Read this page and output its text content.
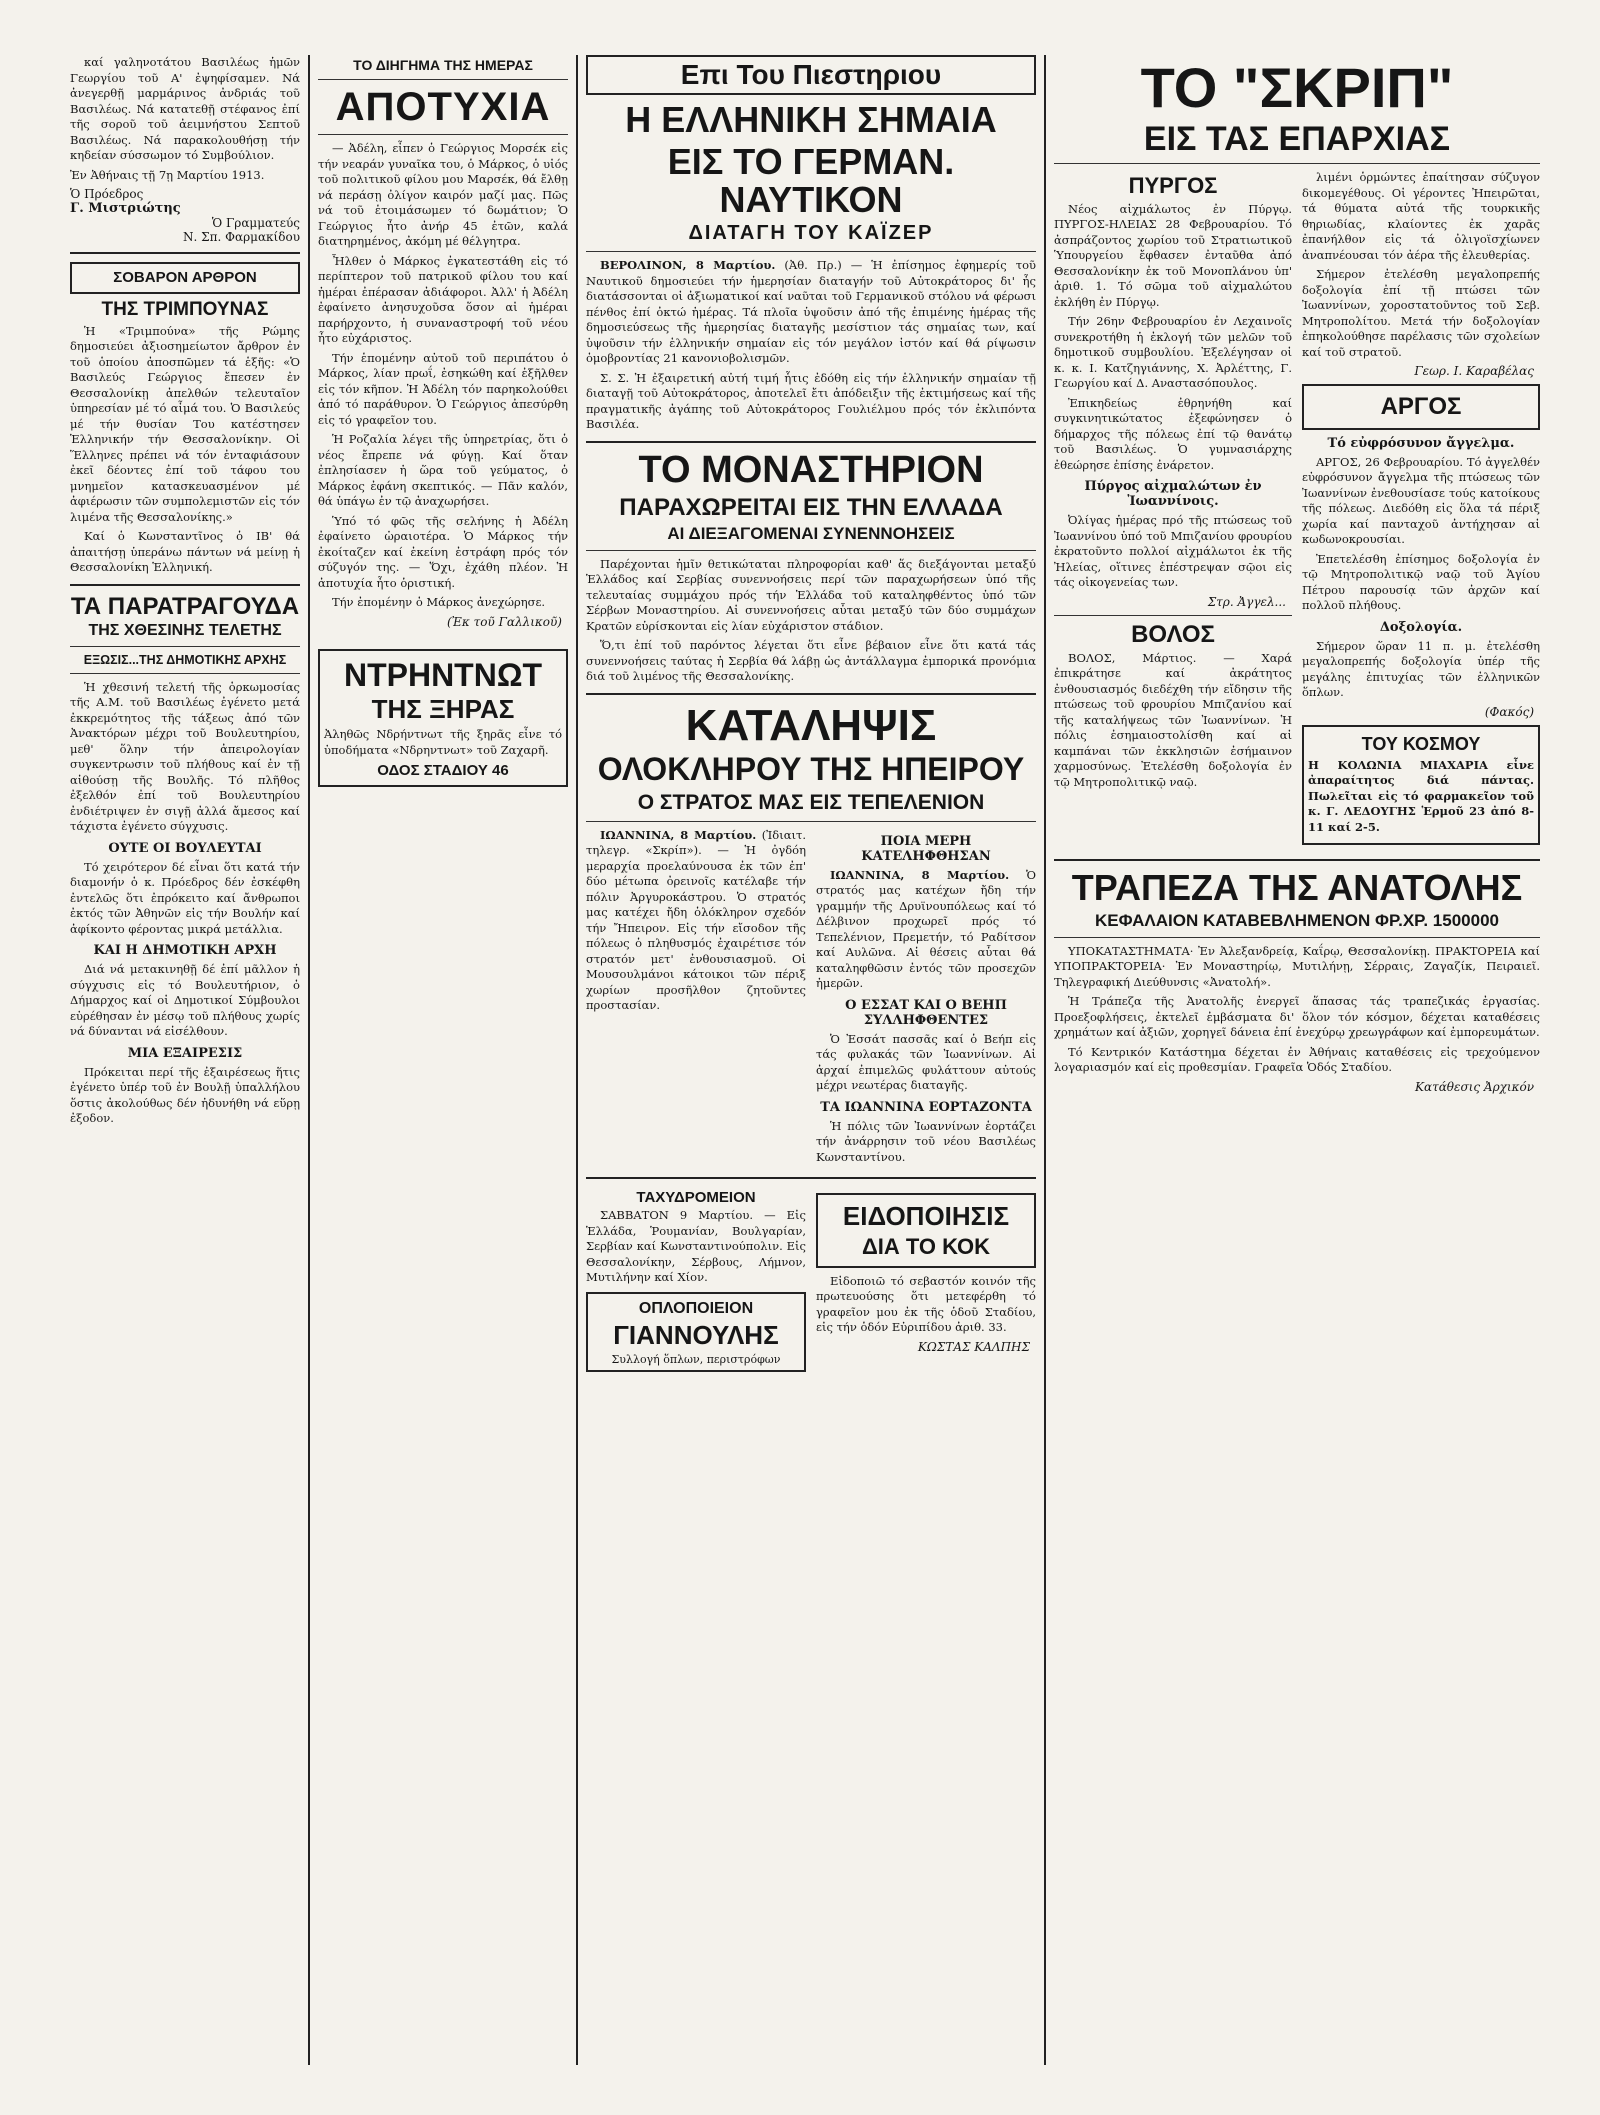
καί γαληνοτάτου Βασιλέως ἡμῶν Γεωργίου τοῦ Α' ἐψηφίσαμεν. Νά ἀνεγερθῇ μαρμάρινος ἀνδριάς τοῦ Βασιλέως. Νά κατατεθῇ στέφανος ἐπί τῆς σοροῦ τοῦ ἀειμνήστου Σεπτοῦ Βασιλέως. Νά παρακολουθήσῃ τήν κηδείαν σύσσωμον τό Συμβούλιον.

Ἐν Ἀθήναις τῇ 7ῃ Μαρτίου 1913.

Ὁ Πρόεδρος
Γ. Μιστριώτης
Ὁ Γραμματεύς
Ν. Σπ. Φαρμακίδου
ΣΟΒΑΡΟΝ ΑΡΘΡΟΝ
ΤΗΣ ΤΡΙΜΠΟΥΝΑΣ

Ἡ «Τριμπούνα» τῆς Ρώμης δημοσιεύει ἀξιοσημείωτον ἄρθρον ἐν τοῦ ὁποίου ἀποσπῶμεν τά ἑξῆς: «Ὁ Βασιλεύς Γεώργιος ἔπεσεν ἐν Θεσσαλονίκῃ ἀπελθών τελευταῖον ὑπηρεσίαν μέ τό αἷμά του. Ὁ Βασιλεύς μέ τήν θυσίαν Του κατέστησεν Ἑλληνικήν τήν Θεσσαλονίκην. Οἱ Ἕλληνες πρέπει νά τόν ἐνταφιάσουν ἐκεῖ δέοντες ἐπί τοῦ τάφου του μνημεῖον κατασκευασμένον μέ ἀφιέρωσιν τῶν συμπολεμιστῶν εἰς τόν λιμένα τῆς Θεσσαλονίκης.»

Καί ὁ Κωνσταντῖνος ὁ ΙΒ' θά ἀπαιτήσῃ ὑπεράνω πάντων νά μείνῃ ἡ Θεσσαλονίκη Ἑλληνική.

ΤΑ ΠΑΡΑΤΡΑΓΟΥΔΑ
ΤΗΣ ΧΘΕΣΙΝΗΣ ΤΕΛΕΤΗΣ
ΕΞΩΣΙΣ...ΤΗΣ ΔΗΜΟΤΙΚΗΣ ΑΡΧΗΣ

Ἡ χθεσινή τελετή τῆς ὁρκωμοσίας τῆς Α.Μ. τοῦ Βασιλέως ἐγένετο μετά ἐκκρεμότητος τῆς τάξεως ἀπό τῶν Ἀνακτόρων μέχρι τοῦ Βουλευτηρίου, μεθ' ὅλην τήν ἀπειρολογίαν συγκεντρωσιν τοῦ πλήθους καί ἐν τῇ αἰθούσῃ τῆς Βουλῆς. Τό πλῆθος ἐξελθόν ἐπί τοῦ Βουλευτηρίου ἐνδιέτριψεν ἐν σιγῇ ἀλλά ἄμεσος καί τάχιστα ἐγένετο σύγχυσις.

ΟΥΤΕ ΟΙ ΒΟΥΛΕΥΤΑΙ

Τό χειρότερον δέ εἶναι ὅτι κατά τήν διαμονήν ὁ κ. Πρόεδρος δέν ἐσκέφθη ἐντελῶς ὅτι ἐπρόκειτο καί ἄνθρωποι ἐκτός τῶν Ἀθηνῶν εἰς τήν Βουλήν καί ἀφίκοντο φέροντας μικρά μετάλλια.

ΚΑΙ Η ΔΗΜΟΤΙΚΗ ΑΡΧΗ

Διά νά μετακινηθῇ δέ ἐπί μᾶλλον ἡ σύγχυσις εἰς τό Βουλευτήριον, ὁ Δήμαρχος καί οἱ Δημοτικοί Σύμβουλοι εὑρέθησαν ἐν μέσῳ τοῦ πλήθους χωρίς νά δύνανται νά εἰσέλθουν.

ΜΙΑ ΕΞΑΙΡΕΣΙΣ

Πρόκειται περί τῆς ἐξαιρέσεως ἥτις ἐγένετο ὑπέρ τοῦ ἐν Βουλῇ ὑπαλλήλου ὅστις ἀκολούθως δέν ἠδυνήθη νά εὕρῃ ἐξοδον.

ΤΟ ΔΙΗΓΗΜΑ ΤΗΣ ΗΜΕΡΑΣ
ΑΠΟΤΥΧΙΑ

— Ἀδέλη, εἶπεν ὁ Γεώργιος Μορσέκ εἰς τήν νεαράν γυναῖκα του, ὁ Μάρκος, ὁ υἱός τοῦ πολιτικοῦ φίλου μου Μαρσέκ, θά ἔλθῃ νά περάσῃ ὀλίγον καιρόν μαζί μας. Πῶς νά τοῦ ἑτοιμάσωμεν τό δωμάτιον; Ὁ Γεώργιος ἦτο ἀνήρ 45 ἐτῶν, καλά διατηρημένος, ἀκόμη μέ θέλγητρα.

Ἦλθεν ὁ Μάρκος ἐγκατεστάθη εἰς τό περίπτερον τοῦ πατρικοῦ φίλου του καί ἡμέραι ἐπέρασαν ἀδιάφοροι. Ἀλλ' ἡ Ἀδέλη ἐφαίνετο ἀνησυχοῦσα ὅσον αἱ ἡμέραι παρήρχοντο, ἡ συναναστροφή τοῦ νέου ἦτο εὐχάριστος.

Τήν ἑπομένην αὐτοῦ τοῦ περιπάτου ὁ Μάρκος, λίαν πρωΐ, ἐσηκώθη καί ἐξῆλθεν εἰς τόν κῆπον. Ἡ Ἀδέλη τόν παρηκολούθει ἀπό τό παράθυρον. Ὁ Γεώργιος ἀπεσύρθη εἰς τό γραφεῖον του.

Ἡ Ροζαλία λέγει τῆς ὑπηρετρίας, ὅτι ὁ νέος ἔπρεπε νά φύγῃ. Καί ὅταν ἐπλησίασεν ἡ ὥρα τοῦ γεύματος, ὁ Μάρκος ἐφάνη σκεπτικός. — Πᾶν καλόν, θά ὑπάγω ἐν τῷ ἀναχωρήσει.

Ὑπό τό φῶς τῆς σελήνης ἡ Ἀδέλη ἐφαίνετο ὡραιοτέρα. Ὁ Μάρκος τήν ἐκοίταζεν καί ἐκείνη ἐστράφη πρός τόν σύζυγόν της. — Ὅχι, ἐχάθη πλέον. Ἡ ἀποτυχία ἦτο ὁριστική.

Τήν ἐπομένην ὁ Μάρκος ἀνεχώρησε.

(Ἐκ τοῦ Γαλλικοῦ)
ΝΤΡΗΝΤΝΩΤ
ΤΗΣ ΞΗΡΑΣ

Ἀληθῶς Νδρήντνωτ τῆς ξηρᾶς εἶνε τό ὑποδήματα «Νδρηντνωτ» τοῦ Ζαχαρῆ.

ΟΔΟΣ ΣΤΑΔΙΟΥ 46
Επι Του Πιεστηριου
Η ΕΛΛΗΝΙΚΗ ΣΗΜΑΙΑ
ΕΙΣ ΤΟ ΓΕΡΜΑΝ. ΝΑΥΤΙΚΟΝ
ΔΙΑΤΑΓΗ ΤΟΥ ΚΑΪΖΕΡ

ΒΕΡΟΛΙΝΟΝ, 8 Μαρτίου. (Ἀθ. Πρ.) — Ἡ ἐπίσημος ἐφημερίς τοῦ Ναυτικοῦ δημοσιεύει τήν ἡμερησίαν διαταγήν τοῦ Αὐτοκράτορος δι' ἧς διατάσσονται οἱ ἀξιωματικοί καί ναῦται τοῦ Γερμανικοῦ στόλου νά φέρωσι πένθος ἐπί ὀκτώ ἡμέρας. Τά πλοῖα ὑψοῦσιν ἀπό τῆς ἐπιμένης ἡμέρας τῆς δημοσιεύσεως τῆς ἡμερησίας διαταγῆς μεσίστιον τάς σημαίας των, καί ὑψοῦσιν τήν ἑλληνικήν σημαίαν εἰς τόν μεγάλον ἱστόν καί θά ρίψωσιν ὁμοβροντίας 21 κανονιοβολισμῶν.

Σ. Σ. Ἡ ἐξαιρετική αὐτή τιμή ἧτις ἐδόθη εἰς τήν ἑλληνικήν σημαίαν τῇ διαταγῇ τοῦ Αὐτοκράτορος, ἀποτελεῖ ἔτι ἀπόδειξιν τῆς ἐκτιμήσεως καί τῆς πραγματικῆς ἀγάπης τοῦ Αὐτοκράτορος Γουλιέλμου πρός τόν ἐκλιπόντα Βασιλέα.

ΤΟ ΜΟΝΑΣΤΗΡΙΟΝ
ΠΑΡΑΧΩΡΕΙΤΑΙ ΕΙΣ ΤΗΝ ΕΛΛΑΔΑ
ΑΙ ΔΙΕΞΑΓΟΜΕΝΑΙ ΣΥΝΕΝΝΟΗΣΕΙΣ

Παρέχονται ἡμῖν θετικώταται πληροφορίαι καθ' ἅς διεξάγονται μεταξύ Ἑλλάδος καί Σερβίας συνεννοήσεις περί τῶν παραχωρήσεων ὑπό τῆς τελευταίας συμμάχου πρός τήν Ἑλλάδα τοῦ καταληφθέντος ὑπό τῶν Σέρβων Μοναστηρίου. Αἱ συνεννοήσεις αὗται μεταξύ τῶν δύο συμμάχων Κρατῶν εὑρίσκονται εἰς λίαν εὐχάριστον στάδιον.

Ὅ,τι ἐπί τοῦ παρόντος λέγεται ὅτι εἶνε βέβαιον εἶνε ὅτι κατά τάς συνεννοήσεις ταύτας ἡ Σερβία θά λάβῃ ὡς ἀντάλλαγμα ἐμπορικά προνόμια διά τοῦ λιμένος τῆς Θεσσαλονίκης.

ΚΑΤΑΛΗΨΙΣ
ΟΛΟΚΛΗΡΟΥ ΤΗΣ ΗΠΕΙΡΟΥ
Ο ΣΤΡΑΤΟΣ ΜΑΣ ΕΙΣ ΤΕΠΕΛΕΝΙΟΝ

ΙΩΑΝΝΙΝΑ, 8 Μαρτίου. (Ἰδιαιτ. τηλεγρ. «Σκρίπ»). — Ἡ ὀγδόη μεραρχία προελαύνουσα ἐκ τῶν ἐπ' δύο μέτωπα ὀρεινοῖς κατέλαβε τήν πόλιν Ἀργυροκάστρου. Ὁ στρατός μας κατέχει ἤδη ὁλόκληρον σχεδόν τήν Ἤπειρον. Εἰς τήν εἴσοδον τῆς πόλεως ὁ πληθυσμός ἐχαιρέτισε τόν στρατόν μετ' ἐνθουσιασμοῦ. Οἱ Μουσουλμάνοι κάτοικοι τῶν πέριξ χωρίων προσῆλθον ζητοῦντες προστασίαν.

ΠΟΙΑ ΜΕΡΗ ΚΑΤΕΛΗΦΘΗΣΑΝ

ΙΩΑΝΝΙΝΑ, 8 Μαρτίου. Ὁ στρατός μας κατέχων ἤδη τήν γραμμήν τῆς Δρυϊνουπόλεως καί τό Δέλβινον προχωρεῖ πρός τό Τεπελένιον, Πρεμετήν, τό Ραδίτσον καί Αυλῶνα. Αἱ θέσεις αὗται θά καταληφθῶσιν ἐντός τῶν προσεχῶν ἡμερῶν.

Ο ΕΣΣΑΤ ΚΑΙ Ο ΒΕΗΠ ΣΥΛΛΗΦΘΕΝΤΕΣ

Ὁ Ἐσσάτ πασσᾶς καί ὁ Βεήπ εἰς τάς φυλακάς τῶν Ἰωαννίνων. Αἱ ἀρχαί ἐπιμελῶς φυλάττουν αὐτούς μέχρι νεωτέρας διαταγῆς.

ΤΑ ΙΩΑΝΝΙΝΑ ΕΟΡΤΑΖΟΝΤΑ

Ἡ πόλις τῶν Ἰωαννίνων ἑορτάζει τήν ἀνάρρησιν τοῦ νέου Βασιλέως Κωνσταντίνου.

ΤΑΧΥΔΡΟΜΕΙΟΝ

ΣΑΒΒΑΤΟΝ 9 Μαρτίου. — Εἰς Ἑλλάδα, Ῥουμανίαν, Βουλγαρίαν, Σερβίαν καί Κωνσταντινούπολιν. Εἰς Θεσσαλονίκην, Σέρβους, Λήμνον, Μυτιλήνην καί Χίον.

ΟΠΛΟΠΟΙΕΙΟΝ
ΓΙΑΝΝΟΥΛΗΣ
Συλλογή ὅπλων, περιστρόφων
ΕΙΔΟΠΟΙΗΣΙΣ
ΔΙΑ ΤΟ ΚΟΚ

Εἰδοποιῶ τό σεβαστόν κοινόν τῆς πρωτευούσης ὅτι μετεφέρθη τό γραφεῖον μου ἐκ τῆς ὁδοῦ Σταδίου, εἰς τήν ὁδόν Εὐριπίδου ἀριθ. 33.

ΚΩΣΤΑΣ ΚΑΛΠΗΣ
ΤΟ "ΣΚΡΙΠ"
ΕΙΣ ΤΑΣ ΕΠΑΡΧΙΑΣ
ΠΥΡΓΟΣ

Νέος αἰχμάλωτος ἐν Πύργῳ. ΠΥΡΓΟΣ-ΗΛΕΙΑΣ 28 Φεβρουαρίου. Τό ἀσπράζοντος χωρίου τοῦ Στρατιωτικοῦ Ὑπουργείου ἔφθασεν ἐνταῦθα ἀπό Θεσσαλονίκην ἐκ τοῦ Μονοπλάνου ὑπ' ἀριθ. 1. Τό σῶμα τοῦ αἰχμαλώτου ἐκλήθη ἐν Πύργῳ.

Τήν 26ην Φεβρουαρίου ἐν Λεχαινοῖς συνεκροτήθη ἡ ἐκλογή τῶν μελῶν τοῦ δημοτικοῦ συμβουλίου. Ἐξελέγησαν οἱ κ. κ. Ι. Κατζηγιάννης, Χ. Ἀρλέττης, Γ. Γεωργίου καί Δ. Αναστασόπουλος.

Ἐπικηδείως ἐθρηνήθη καί συγκινητικώτατος ἐξεφώνησεν ὁ δήμαρχος τῆς πόλεως ἐπί τῷ θανάτῳ τοῦ Βασιλέως. Ὁ γυμνασιάρχης ἐθεώρησε ἐπίσης ἐνάρετον.

Πύργος αἰχμαλώτων ἐν Ἰωαννίνοις.

Ὀλίγας ἡμέρας πρό τῆς πτώσεως τοῦ Ἰωαννίνου ὑπό τοῦ Μπιζανίου φρουρίου ἐκρατοῦντο πολλοί αἰχμάλωτοι ἐκ τῆς Ἠλείας, οἵτινες ἐπέστρεψαν σῷοι εἰς τάς οἰκογενείας των.

Στρ. Ἀγγελ...
ΒΟΛΟΣ

ΒΟΛΟΣ, Μάρτιος. — Χαρά ἐπικράτησε καί ἀκράτητος ἐνθουσιασμός διεδέχθη τήν εἴδησιν τῆς πτώσεως τοῦ φρουρίου Μπιζανίου καί τῆς καταλήψεως τῶν Ἰωαννίνων. Ἡ πόλις ἐσημαιοστολίσθη καί αἱ καμπάναι τῶν ἐκκλησιῶν ἐσήμαινον χαρμοσύνως. Ἐτελέσθη δοξολογία ἐν τῷ Μητροπολιτικῷ ναῷ.

λιμένι ὁρμώντες ἐπαίτησαν σύζυγον δικομεγέθους. Οἱ γέροντες Ἠπειρῶται, τά θύματα αὐτά τῆς τουρκικῆς θηριωδίας, κλαίοντες ἐκ χαρᾶς ἐπανήλθον εἰς τά ὀλιγοϊσχίωνεν ἀναπνέουσαι τόν ἀέρα τῆς ἐλευθερίας.

Σήμερον ἐτελέσθη μεγαλοπρεπής δοξολογία ἐπί τῇ πτώσει τῶν Ἰωαννίνων, χοροστατοῦντος τοῦ Σεβ. Μητροπολίτου. Μετά τήν δοξολογίαν ἐπηκολούθησε παρέλασις τῶν σχολείων καί τοῦ στρατοῦ.

Γεωρ. Ι. Καραβέλας
ΑΡΓΟΣ
Τό εὐφρόσυνον ἄγγελμα.

ΑΡΓΟΣ, 26 Φεβρουαρίου. Τό ἀγγελθέν εὐφρόσυνον ἄγγελμα τῆς πτώσεως τῶν Ἰωαννίνων ἐνεθουσίασε τούς κατοίκους τῆς πόλεως. Διεδόθη εἰς ὅλα τά πέριξ χωρία καί πανταχοῦ ἀντήχησαν αἱ κωδωνοκρουσίαι.

Ἐπετελέσθη ἐπίσημος δοξολογία ἐν τῷ Μητροπολιτικῷ ναῷ τοῦ Ἁγίου Πέτρου παρουσίᾳ τῶν ἀρχῶν καί πολλοῦ πλήθους.

Δοξολογία.

Σήμερον ὥραν 11 π. μ. ἐτελέσθη μεγαλοπρεπής δοξολογία ὑπέρ τῆς μεγάλης ἐπιτυχίας τῶν ἑλληνικῶν ὅπλων.

(Φακός)
ΤΟΥ ΚΟΣΜΟΥ

Η ΚΟΛΩΝΙΑ ΜΙΑΧΑΡΙΑ εἶνε ἀπαραίτητος διά πάντας. Πωλεῖται εἰς τό φαρμακεῖον τοῦ κ. Γ. ΛΕΔΟΥΓΗΣ Ἑρμοῦ 23 ἀπό 8-11 καί 2-5.

ΤΡΑΠΕΖΑ ΤΗΣ ΑΝΑΤΟΛΗΣ
ΚΕΦΑΛΑΙΟΝ ΚΑΤΑΒΕΒΛΗΜΕΝΟΝ ΦΡ.ΧΡ. 1500000

ΥΠΟΚΑΤΑΣΤΗΜΑΤΑ· Ἐν Ἀλεξανδρείᾳ, Καΐρῳ, Θεσσαλονίκῃ. ΠΡΑΚΤΟΡΕΙΑ καί ΥΠΟΠΡΑΚΤΟΡΕΙΑ· Ἐν Μοναστηρίῳ, Μυτιλήνῃ, Σέρραις, Ζαγαζίκ, Πειραιεῖ. Τηλεγραφική Διεύθυνσις «Ἀνατολή».

Ἡ Τράπεζα τῆς Ἀνατολῆς ἐνεργεῖ ἅπασας τάς τραπεζικάς ἐργασίας. Προεξοφλήσεις, ἐκτελεῖ ἐμβάσματα δι' ὅλον τόν κόσμον, δέχεται καταθέσεις χρημάτων καί ἀξιῶν, χορηγεῖ δάνεια ἐπί ἐνεχύρῳ χρεωγράφων καί ἐμπορευμάτων.

Τό Κεντρικόν Κατάστημα δέχεται ἐν Ἀθήναις καταθέσεις εἰς τρεχούμενον λογαριασμόν καί εἰς προθεσμίαν. Γραφεῖα Ὁδός Σταδίου.

Κατάθεσις Ἀρχικόν
